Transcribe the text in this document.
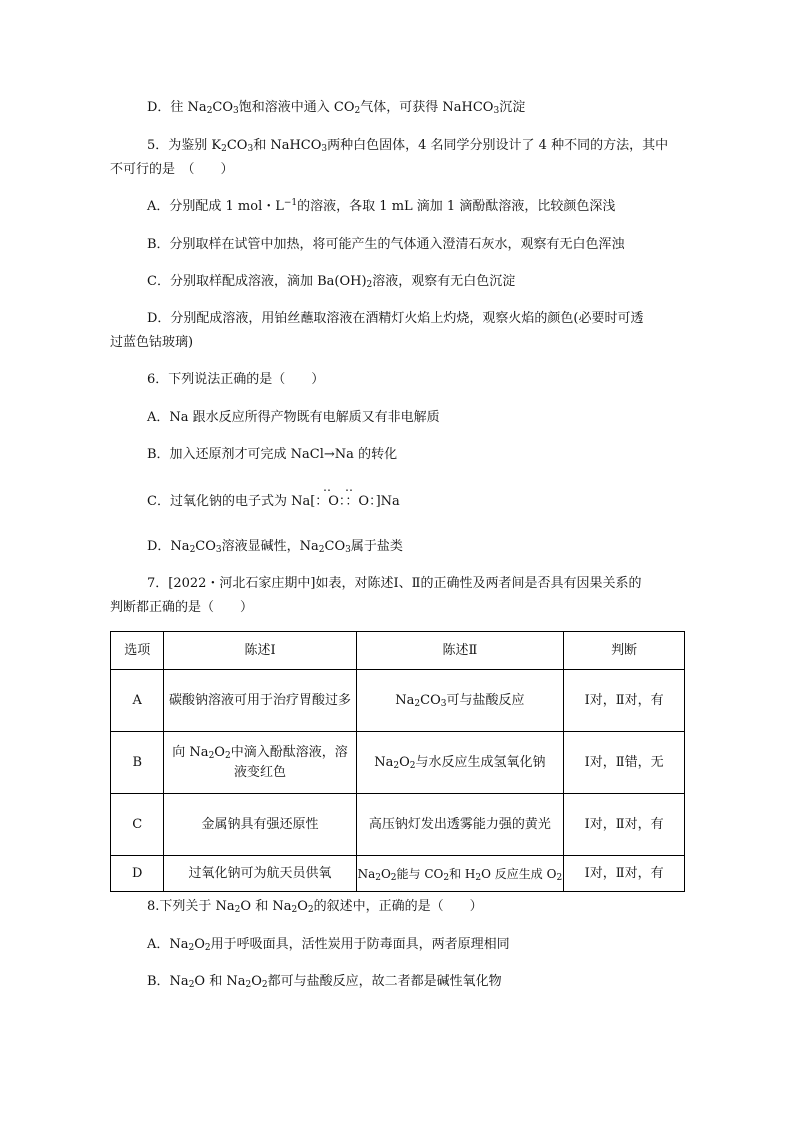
D．往 $Na_2CO_3$饱和溶液中通入 $CO_2$气体，可获得 NaHCO$_3$沉淀
5．为鉴别 $K_2CO_3$和 NaHCO$_3$两种白色固体，4 名同学分别设计了 4 种不同的方法，其中
不可行的是　（　　）
A．分别配成 1 mol・$L^{-1}$的溶液，各取 1 mL 滴加 1 滴酚酞溶液，比较颜色深浅
B．分别取样在试管中加热，将可能产生的气体通入澄清石灰水，观察有无白色浑浊
C．分别取样配成溶液，滴加 $Ba(OH)_2$溶液，观察有无白色沉淀
D．分别配成溶液，用铂丝蘸取溶液在酒精灯火焰上灼烧，观察火焰的颜色(必要时可透
过蓝色钴玻璃)
6．下列说法正确的是（　　）
A．Na 跟水反应所得产物既有电解质又有非电解质
B．加入还原剂才可完成 NaCl→Na 的转化
‥　‥
C．过氧化钠的电子式为 Na[：O：：O：]Na
D．$Na_2CO_3$溶液显碱性，$Na_2CO_3$属于盐类
7．[2022・河北石家庄期中]如表，对陈述Ⅰ、Ⅱ的正确性及两者间是否具有因果关系的
判断都正确的是（　　）
选项	陈述Ⅰ	陈述Ⅱ	判断
A	碳酸钠溶液可用于治疗胃酸过多	$Na_2CO_3$可与盐酸反应	Ⅰ对，Ⅱ对，有
B	向 $Na_2O_2$中滴入酚酞溶液，溶液变红色	$Na_2O_2$与水反应生成氢氧化钠	Ⅰ对，Ⅱ错，无
C	金属钠具有强还原性	高压钠灯发出透雾能力强的黄光	Ⅰ对，Ⅱ对，有
D	过氧化钠可为航天员供氧	$Na_2O_2$能与 $CO_2$和 $H_2O$ 反应生成 $O_2$	Ⅰ对，Ⅱ对，有
8.下列关于 $Na_2O$ 和 $Na_2O_2$的叙述中，正确的是（　　）
A．$Na_2O_2$用于呼吸面具，活性炭用于防毒面具，两者原理相同
B．$Na_2O$ 和 $Na_2O_2$都可与盐酸反应，故二者都是碱性氧化物
